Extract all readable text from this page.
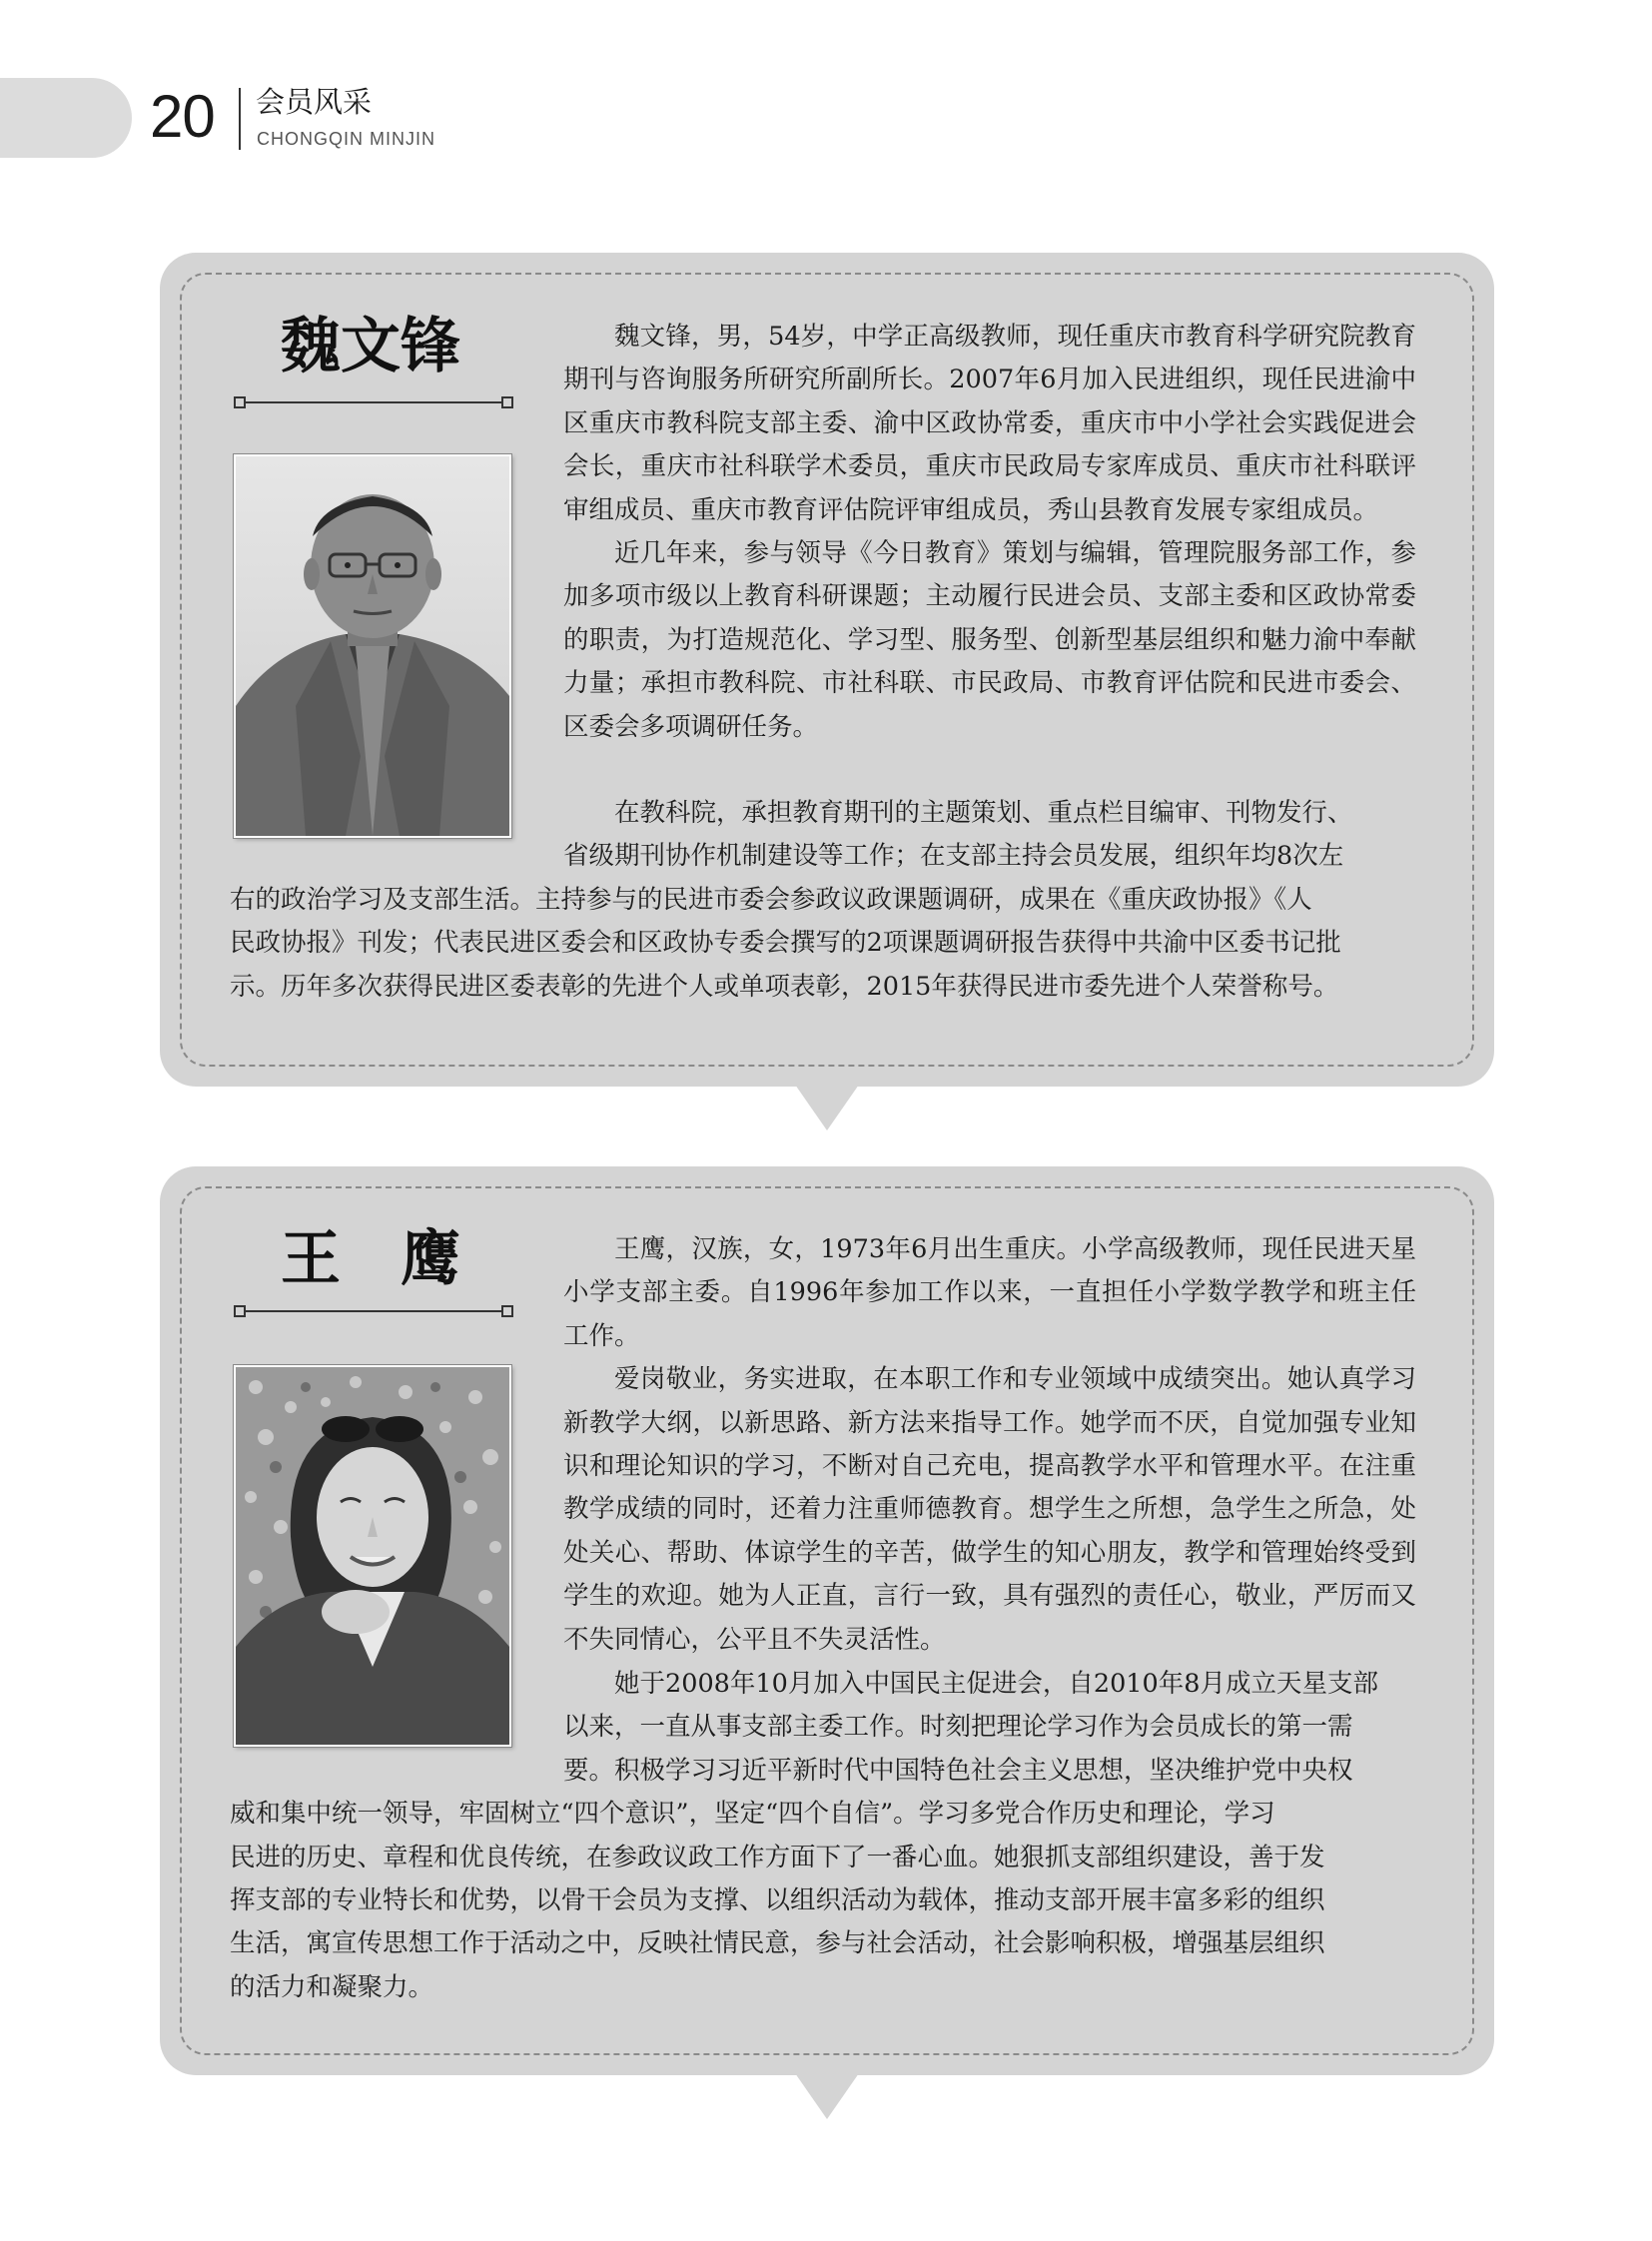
20 会员风采
CHONGQIN MINJIN
魏文锋	魏文锋，男，54岁，中学正高级教师，现任重庆市教育科学研究院教育期刊与咨询服务所研究所副所长。2007年6月加入民进组织，现任民进渝中区重庆市教科院支部主委、渝中区政协常委，重庆市中小学社会实践促进会会长，重庆市社科联学术委员，重庆市民政局专家库成员、重庆市社科联评审组成员、重庆市教育评估院评审组成员，秀山县教育发展专家组成员。

近几年来，参与领导《今日教育》策划与编辑，管理院服务部工作，参加多项市级以上教育科研课题；主动履行民进会员、支部主委和区政协常委的职责，为打造规范化、学习型、服务型、创新型基层组织和魅力渝中奉献力量；承担市教科院、市社科联、市民政局、市教育评估院和民进市委会、区委会多项调研任务。

在教科院，承担教育期刊的主题策划、重点栏目编审、刊物发行、
省级期刊协作机制建设等工作；在支部主持会员发展，组织年均8次左
右的政治学习及支部生活。主持参与的民进市委会参政议政课题调研，成果在《重庆政协报》《人
民政协报》刊发；代表民进区委会和区政协专委会撰写的2项课题调研报告获得中共渝中区委书记批
示。历年多次获得民进区委表彰的先进个人或单项表彰，2015年获得民进市委先进个人荣誉称号。
王　鹰	王鹰，汉族，女，1973年6月出生重庆。小学高级教师，现任民进天星小学支部主委。自1996年参加工作以来，一直担任小学数学教学和班主任工作。

爱岗敬业，务实进取，在本职工作和专业领域中成绩突出。她认真学习新教学大纲，以新思路、新方法来指导工作。她学而不厌，自觉加强专业知识和理论知识的学习，不断对自己充电，提高教学水平和管理水平。在注重教学成绩的同时，还着力注重师德教育。想学生之所想，急学生之所急，处处关心、帮助、体谅学生的辛苦，做学生的知心朋友，教学和管理始终受到学生的欢迎。她为人正直，言行一致，具有强烈的责任心，敬业，严厉而又不失同情心，公平且不失灵活性。

她于2008年10月加入中国民主促进会，自2010年8月成立天星支部
以来，一直从事支部主委工作。时刻把理论学习作为会员成长的第一需
要。积极学习习近平新时代中国特色社会主义思想，坚决维护党中央权
威和集中统一领导，牢固树立“四个意识”，坚定“四个自信”。学习多党合作历史和理论，学习
民进的历史、章程和优良传统，在参政议政工作方面下了一番心血。她狠抓支部组织建设，善于发
挥支部的专业特长和优势，以骨干会员为支撑、以组织活动为载体，推动支部开展丰富多彩的组织
生活，寓宣传思想工作于活动之中，反映社情民意，参与社会活动，社会影响积极，增强基层组织
的活力和凝聚力。
